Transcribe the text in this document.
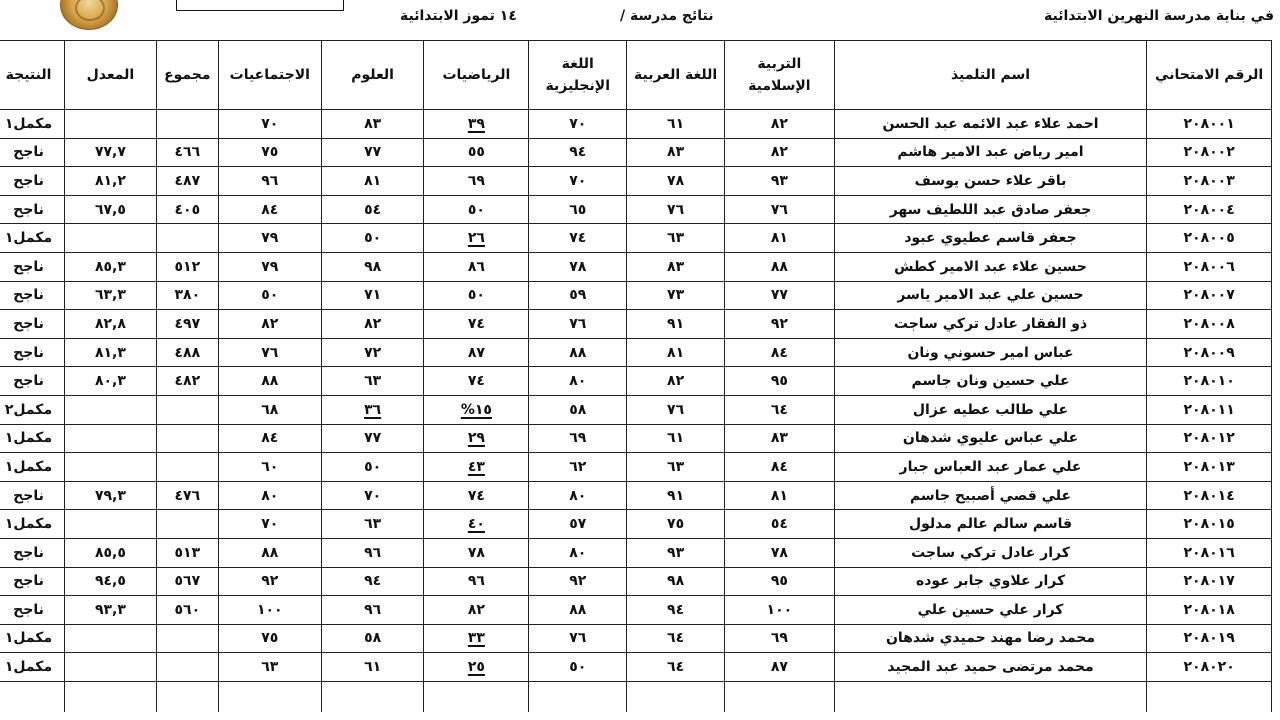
في بناية مدرسة النهرين الابتدائية
نتائج مدرسة /
١٤ تموز الابتدائية
الرقم الامتحاني	اسم التلميذ	التربية الإسلامية	اللغة العربية	اللغة الإنجليزية	الرياضيات	العلوم	الاجتماعيات	مجموع	المعدل	النتيجة
٢٠٨٠٠١	احمد علاء عبد الائمه عبد الحسن	٨٢	٦١	٧٠	٣٩	٨٣	٧٠			مكمل١
٢٠٨٠٠٢	امير رياض عبد الامير هاشم	٨٢	٨٣	٩٤	٥٥	٧٧	٧٥	٤٦٦	٧٧,٧	ناجح
٢٠٨٠٠٣	باقر علاء حسن يوسف	٩٣	٧٨	٧٠	٦٩	٨١	٩٦	٤٨٧	٨١,٢	ناجح
٢٠٨٠٠٤	جعفر صادق عبد اللطيف سهر	٧٦	٧٦	٦٥	٥٠	٥٤	٨٤	٤٠٥	٦٧,٥	ناجح
٢٠٨٠٠٥	جعفر قاسم عطيوي عبود	٨١	٦٣	٧٤	٢٦	٥٠	٧٩			مكمل١
٢٠٨٠٠٦	حسين علاء عبد الامير كطش	٨٨	٨٣	٧٨	٨٦	٩٨	٧٩	٥١٢	٨٥,٣	ناجح
٢٠٨٠٠٧	حسين علي عبد الامير ياسر	٧٧	٧٣	٥٩	٥٠	٧١	٥٠	٣٨٠	٦٣,٣	ناجح
٢٠٨٠٠٨	ذو الفقار عادل تركي ساجت	٩٢	٩١	٧٦	٧٤	٨٢	٨٢	٤٩٧	٨٢,٨	ناجح
٢٠٨٠٠٩	عباس امير حسوني ونان	٨٤	٨١	٨٨	٨٧	٧٢	٧٦	٤٨٨	٨١,٣	ناجح
٢٠٨٠١٠	علي حسين ونان جاسم	٩٥	٨٢	٨٠	٧٤	٦٣	٨٨	٤٨٢	٨٠,٣	ناجح
٢٠٨٠١١	علي طالب عطيه عزال	٦٤	٧٦	٥٨	١٥%	٣٦	٦٨			مكمل٢
٢٠٨٠١٢	علي عباس عليوي شدهان	٨٣	٦١	٦٩	٢٩	٧٧	٨٤			مكمل١
٢٠٨٠١٣	علي عمار عبد العباس جبار	٨٤	٦٣	٦٢	٤٣	٥٠	٦٠			مكمل١
٢٠٨٠١٤	علي قصي أصبيح جاسم	٨١	٩١	٨٠	٧٤	٧٠	٨٠	٤٧٦	٧٩,٣	ناجح
٢٠٨٠١٥	قاسم سالم عالم مدلول	٥٤	٧٥	٥٧	٤٠	٦٣	٧٠			مكمل١
٢٠٨٠١٦	كرار عادل تركي ساجت	٧٨	٩٣	٨٠	٧٨	٩٦	٨٨	٥١٣	٨٥,٥	ناجح
٢٠٨٠١٧	كرار علاوي جابر عوده	٩٥	٩٨	٩٢	٩٦	٩٤	٩٢	٥٦٧	٩٤,٥	ناجح
٢٠٨٠١٨	كرار علي حسين علي	١٠٠	٩٤	٨٨	٨٢	٩٦	١٠٠	٥٦٠	٩٣,٣	ناجح
٢٠٨٠١٩	محمد رضا مهند حميدي شدهان	٦٩	٦٤	٧٦	٣٣	٥٨	٧٥			مكمل١
٢٠٨٠٢٠	محمد مرتضى حميد عبد المجيد	٨٧	٦٤	٥٠	٢٥	٦١	٦٣			مكمل١
